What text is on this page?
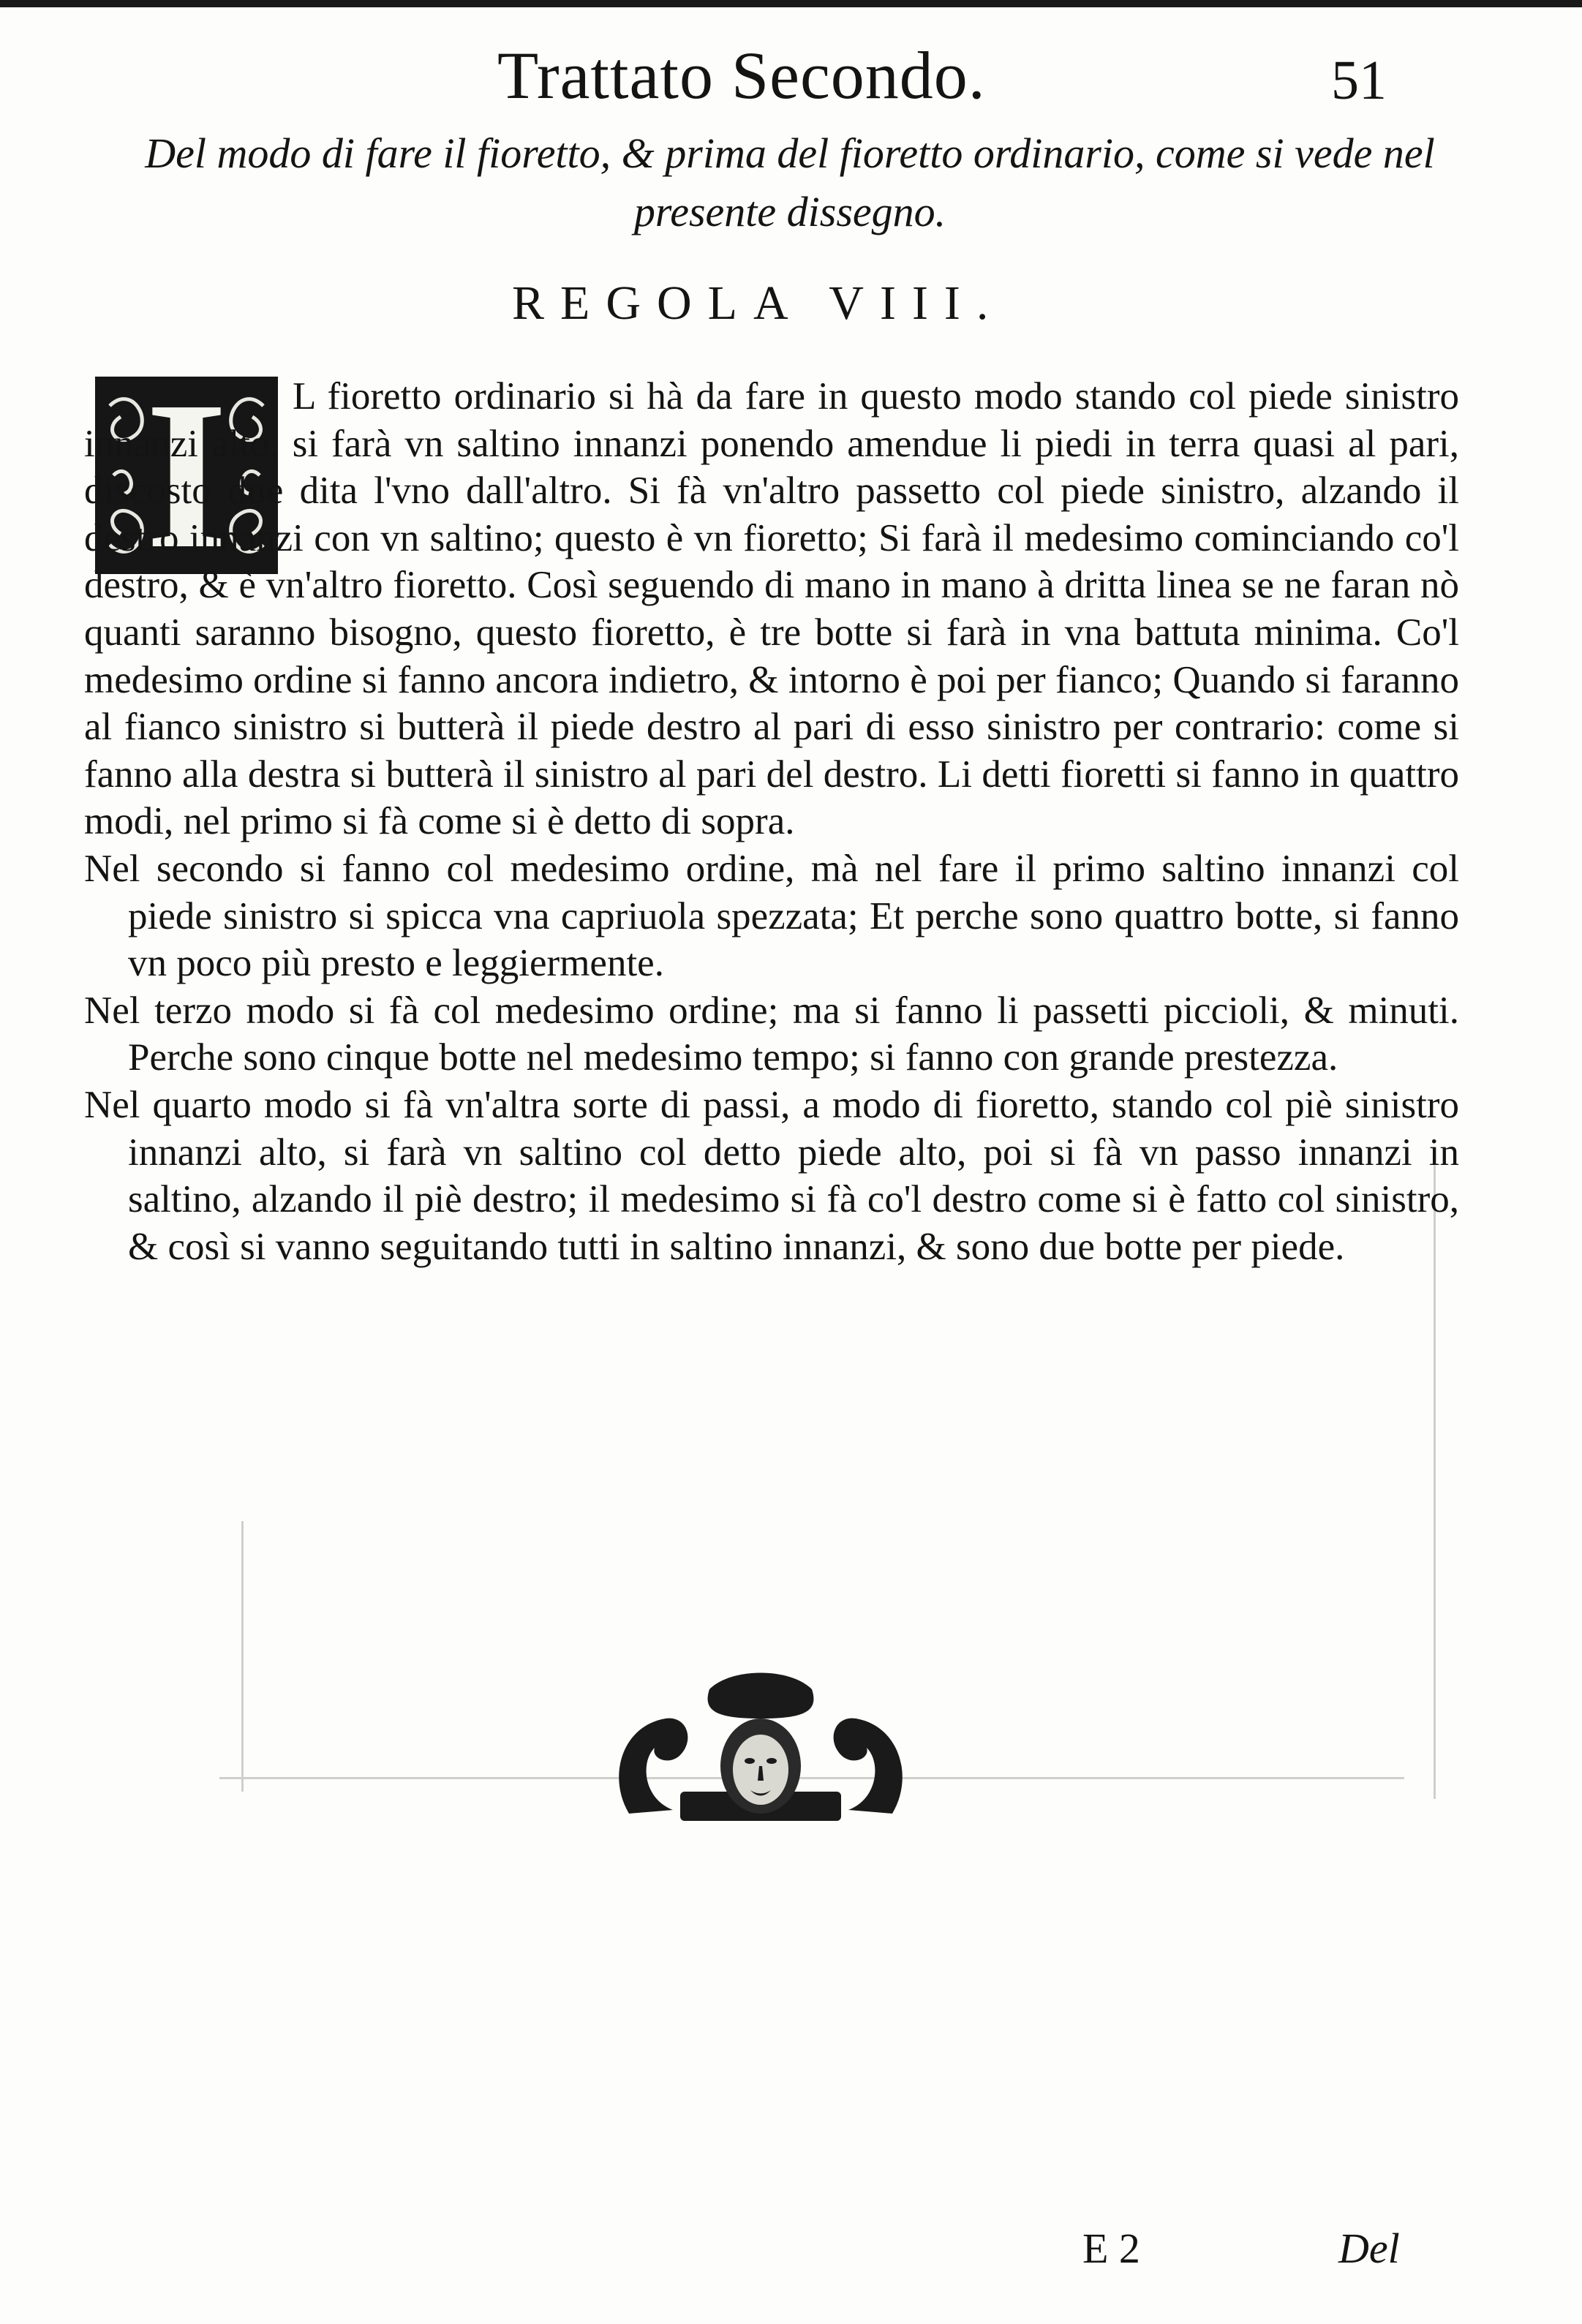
Trattato Secondo.	51
Del modo di fare il fioretto, & prima del fioretto ordinario, come si vede nel presente dissegno.
REGOLA VIII.
I	L fioretto ordinario si hà da fare in questo modo stando col piede sinistro innanzi alto, si farà vn saltino innanzi ponendo amendue li piedi in terra quasi al pari, discosto due dita l'vno dall'altro. Si fà vn'altro passetto col piede sinistro, alzando il destro innanzi con vn saltino; questo è vn fioretto; Si farà il medesimo cominciando co'l destro, & è vn'altro fioretto. Così seguendo di mano in mano à dritta linea se ne faran nò quanti saranno bisogno, questo fioretto, è tre botte si farà in vna battuta minima. Co'l medesimo ordine si fanno ancora indietro, & intorno è poi per fianco; Quando si faranno al fianco sinistro si butterà il piede destro al pari di esso sinistro per contrario: come si fanno alla destra si butterà il sinistro al pari del destro. Li detti fioretti si fanno in quattro modi, nel primo si fà come si è detto di sopra.

Nel secondo si fanno col medesimo ordine, mà nel fare il primo saltino innanzi col piede sinistro si spicca vna capriuola spezzata; Et perche sono quattro botte, si fanno vn poco più presto e leggiermente.

Nel terzo modo si fà col medesimo ordine; ma si fanno li passetti piccioli, & minuti. Perche sono cinque botte nel medesimo tempo; si fanno con grande prestezza.

Nel quarto modo si fà vn'altra sorte di passi, a modo di fioretto, stando col piè sinistro innanzi alto, si farà vn saltino col detto piede alto, poi si fà vn passo innanzi in saltino, alzando il piè destro; il medesimo si fà co'l destro come si è fatto col sinistro, & così si vanno seguitando tutti in saltino innanzi, & sono due botte per piede.

E 2	Del
